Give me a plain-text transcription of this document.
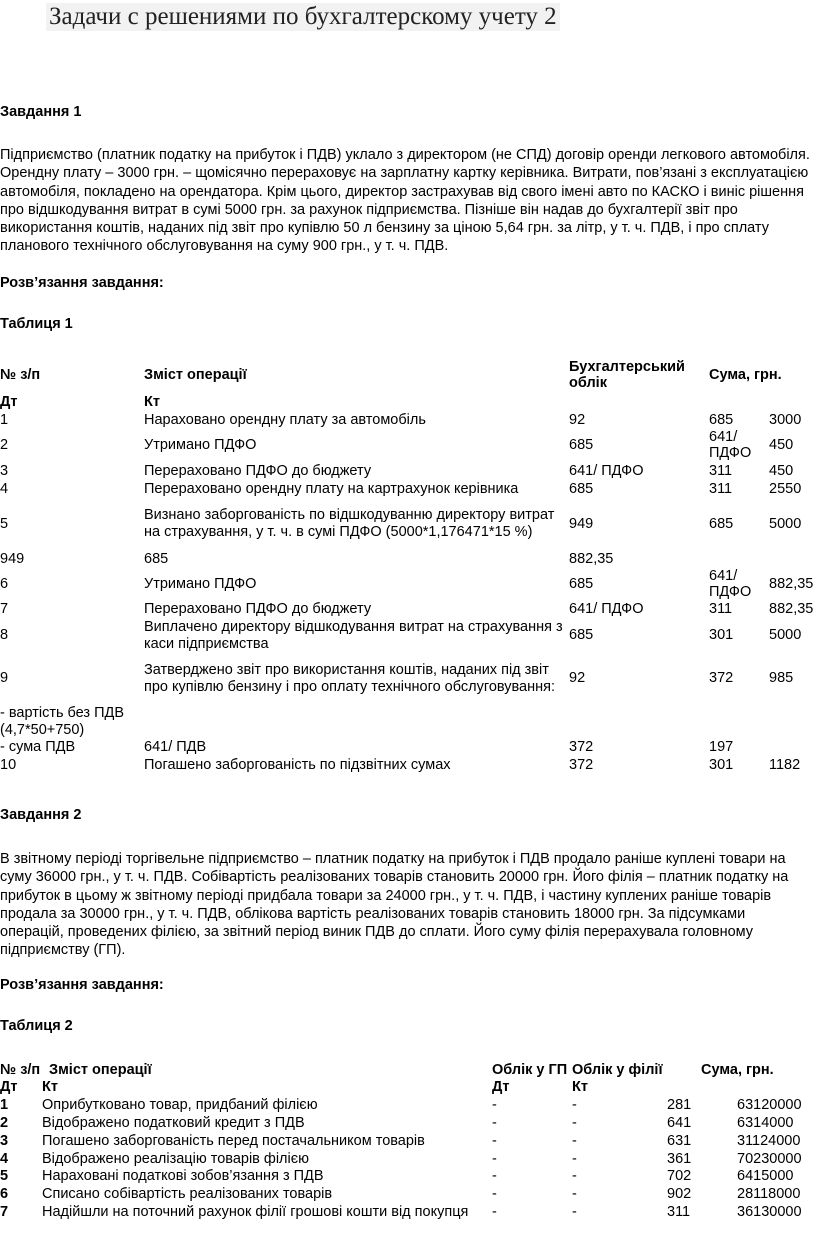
Задачи с решениями по бухгалтерскому учету 2
Завдання 1
Підприємство (платник податку на прибуток і ПДВ) уклало з директором (не СПД) договір оренди легкового автомобіля. Орендну плату – 3000 грн. – щомісячно перераховує на зарплатну картку керівника. Витрати, пов’язані з експлуатацією автомобіля, покладено на орендатора. Крім цього, директор застрахував від свого імені авто по КАСКО і виніс рішення про відшкодування витрат в сумі 5000 грн. за рахунок підприємства. Пізніше він надав до бухгалтерії звіт про використання коштів, наданих під звіт про купівлю 50 л бензину за ціною 5,64 грн. за літр, у т. ч. ПДВ, і про сплату планового технічного обслуговування на суму 900 грн., у т. ч. ПДВ.
Розв’язання завдання:
Таблиця 1
№ з/п	Зміст операції	Бухгалтерський облік	Сума, грн.	
Дт	Кт			
1	Нараховано орендну плату за автомобіль	92	685	3000
2	Утримано ПДФО	685	641/ ПДФО	450
3	Перераховано ПДФО до бюджету	641/ ПДФО	311	450
4	Перераховано орендну плату на картрахунок керівника	685	311	2550
5	Визнано заборгованість по відшкодуванню директору витрат на страхування, у т. ч. в сумі ПДФО (5000*1,176471*15 %)	949	685	5000
949	685	882,35		
6	Утримано ПДФО	685	641/ ПДФО	882,35
7	Перераховано ПДФО до бюджету	641/ ПДФО	311	882,35
8	Виплачено директору відшкодування витрат на страхування з каси підприємства	685	301	5000
9	Затверджено звіт про використання коштів, наданих під звіт про купівлю бензину і про оплату технічного обслуговування:	92	372	985
- вартість без ПДВ (4,7*50+750)				
- сума ПДВ	641/ ПДВ	372	197	
10	Погашено заборгованість по підзвітних сумах	372	301	1182
Завдання 2
В звітному періоді торгівельне підприємство – платник податку на прибуток і ПДВ продало раніше куплені товари на суму 36000 грн., у т. ч. ПДВ. Собівартість реалізованих товарів становить 20000 грн. Його філія – платник податку на прибуток в цьому ж звітному періоді придбала товари за 24000 грн., у т. ч. ПДВ, і частину куплених раніше товарів продала за 30000 грн., у т. ч. ПДВ, облікова вартість реалізованих товарів становить 18000 грн. За підсумками операцій, проведених філією, за звітний період виник ПДВ до сплати. Його суму філія перерахувала головному підприємству (ГП).
Розв’язання завдання:
Таблиця 2
№ з/п	Зміст операції	Облік у ГП	Облік у філії	Сума, грн.
Дт	Кт	Дт	Кт		
1	Оприбутковано товар, придбаний філією	-	-	281	63120000
2	Відображено податковий кредит з ПДВ	-	-	641	6314000
3	Погашено заборгованість перед постачальником товарів	-	-	631	31124000
4	Відображено реалізацію товарів філією	-	-	361	70230000
5	Нараховані податкові зобов’язання з ПДВ	-	-	702	6415000
6	Списано собівартість реалізованих товарів	-	-	902	28118000
7	Надійшли на поточний рахунок філії грошові кошти від покупця	-	-	311	36130000
